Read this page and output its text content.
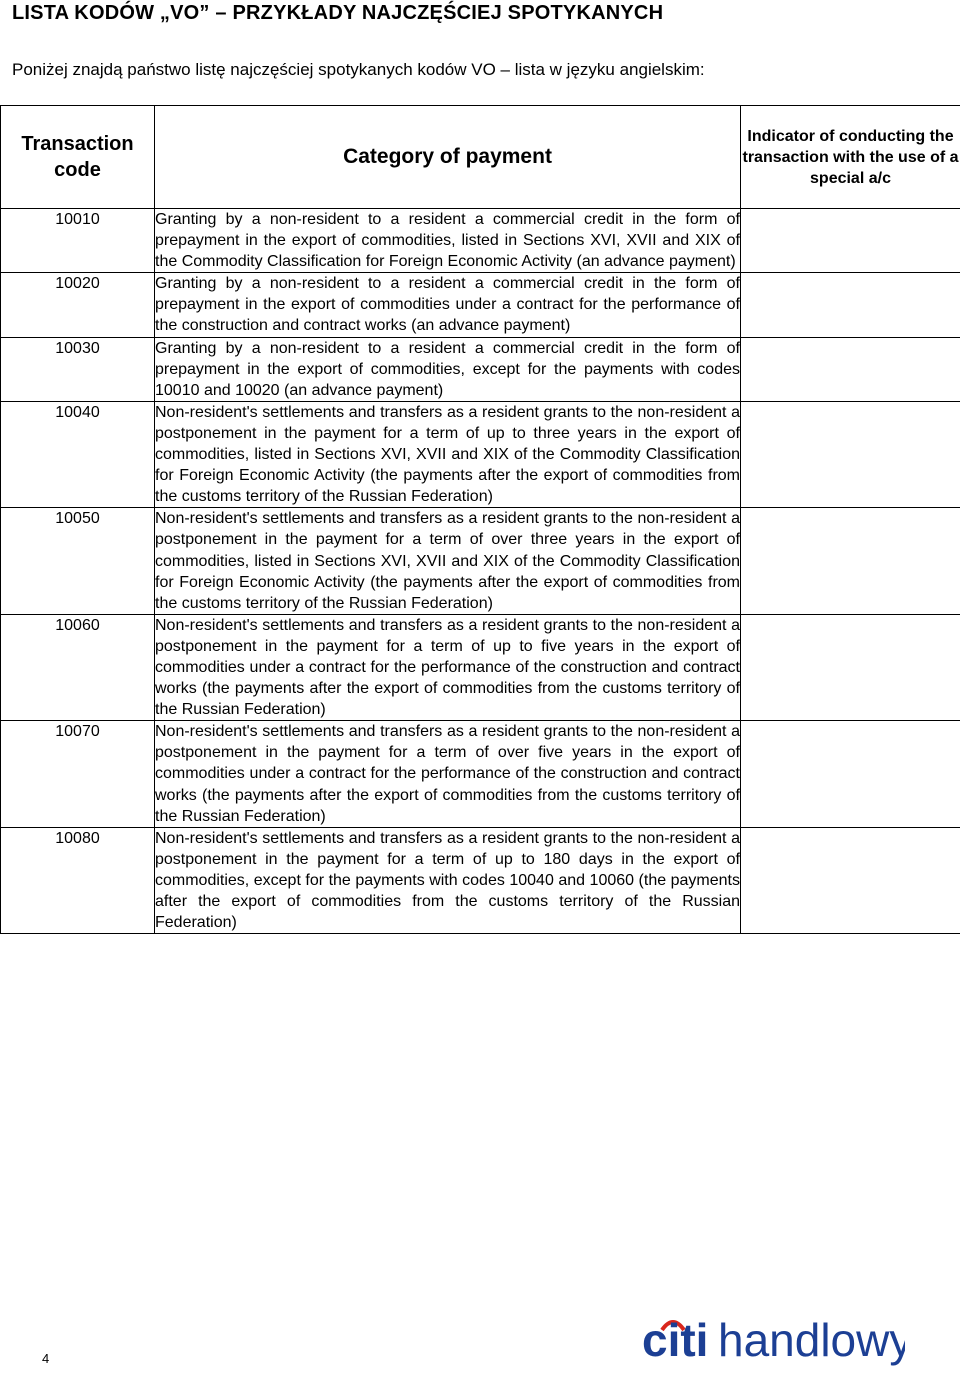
LISTA KODÓW „VO” – PRZYKŁADY NAJCZĘŚCIEJ SPOTYKANYCH
Poniżej znajdą państwo listę najczęściej spotykanych kodów VO – lista w języku angielskim:
Transaction code	Category of payment	Indicator of conducting the transaction with the use of a special a/c
10010	Granting by a non-resident to a resident a commercial credit in the form of prepayment in the export of commodities, listed in Sections XVI, XVII and XIX of the Commodity Classification for Foreign Economic Activity (an advance payment)	
10020	Granting by a non-resident to a resident a commercial credit in the form of prepayment in the export of commodities under a contract for the performance of the construction and contract works (an advance payment)	
10030	Granting by a non-resident to a resident a commercial credit in the form of prepayment in the export of commodities, except for the payments with codes 10010 and 10020 (an advance payment)	
10040	Non-resident's settlements and transfers as a resident grants to the non-resident a postponement in the payment for a term of up to three years in the export of commodities, listed in Sections XVI, XVII and XIX of the Commodity Classification for Foreign Economic Activity (the payments after the export of commodities from the customs territory of the Russian Federation)	
10050	Non-resident's settlements and transfers as a resident grants to the non-resident a postponement in the payment for a term of over three years in the export of commodities, listed in Sections XVI, XVII and XIX of the Commodity Classification for Foreign Economic Activity (the payments after the export of commodities from the customs territory of the Russian Federation)	
10060	Non-resident's settlements and transfers as a resident grants to the non-resident a postponement in the payment for a term of up to five years in the export of commodities under a contract for the performance of the construction and contract works (the payments after the export of commodities from the customs territory of the Russian Federation)	
10070	Non-resident's settlements and transfers as a resident grants to the non-resident a postponement in the payment for a term of over five years in the export of commodities under a contract for the performance of the construction and contract works (the payments after the export of commodities from the customs territory of the Russian Federation)	
10080	Non-resident's settlements and transfers as a resident grants to the non-resident a postponement in the payment for a term of up to 180 days in the export of commodities, except for the payments with codes 10040 and 10060 (the payments after the export of commodities from the customs territory of the Russian Federation)	
4	citi handlowy
